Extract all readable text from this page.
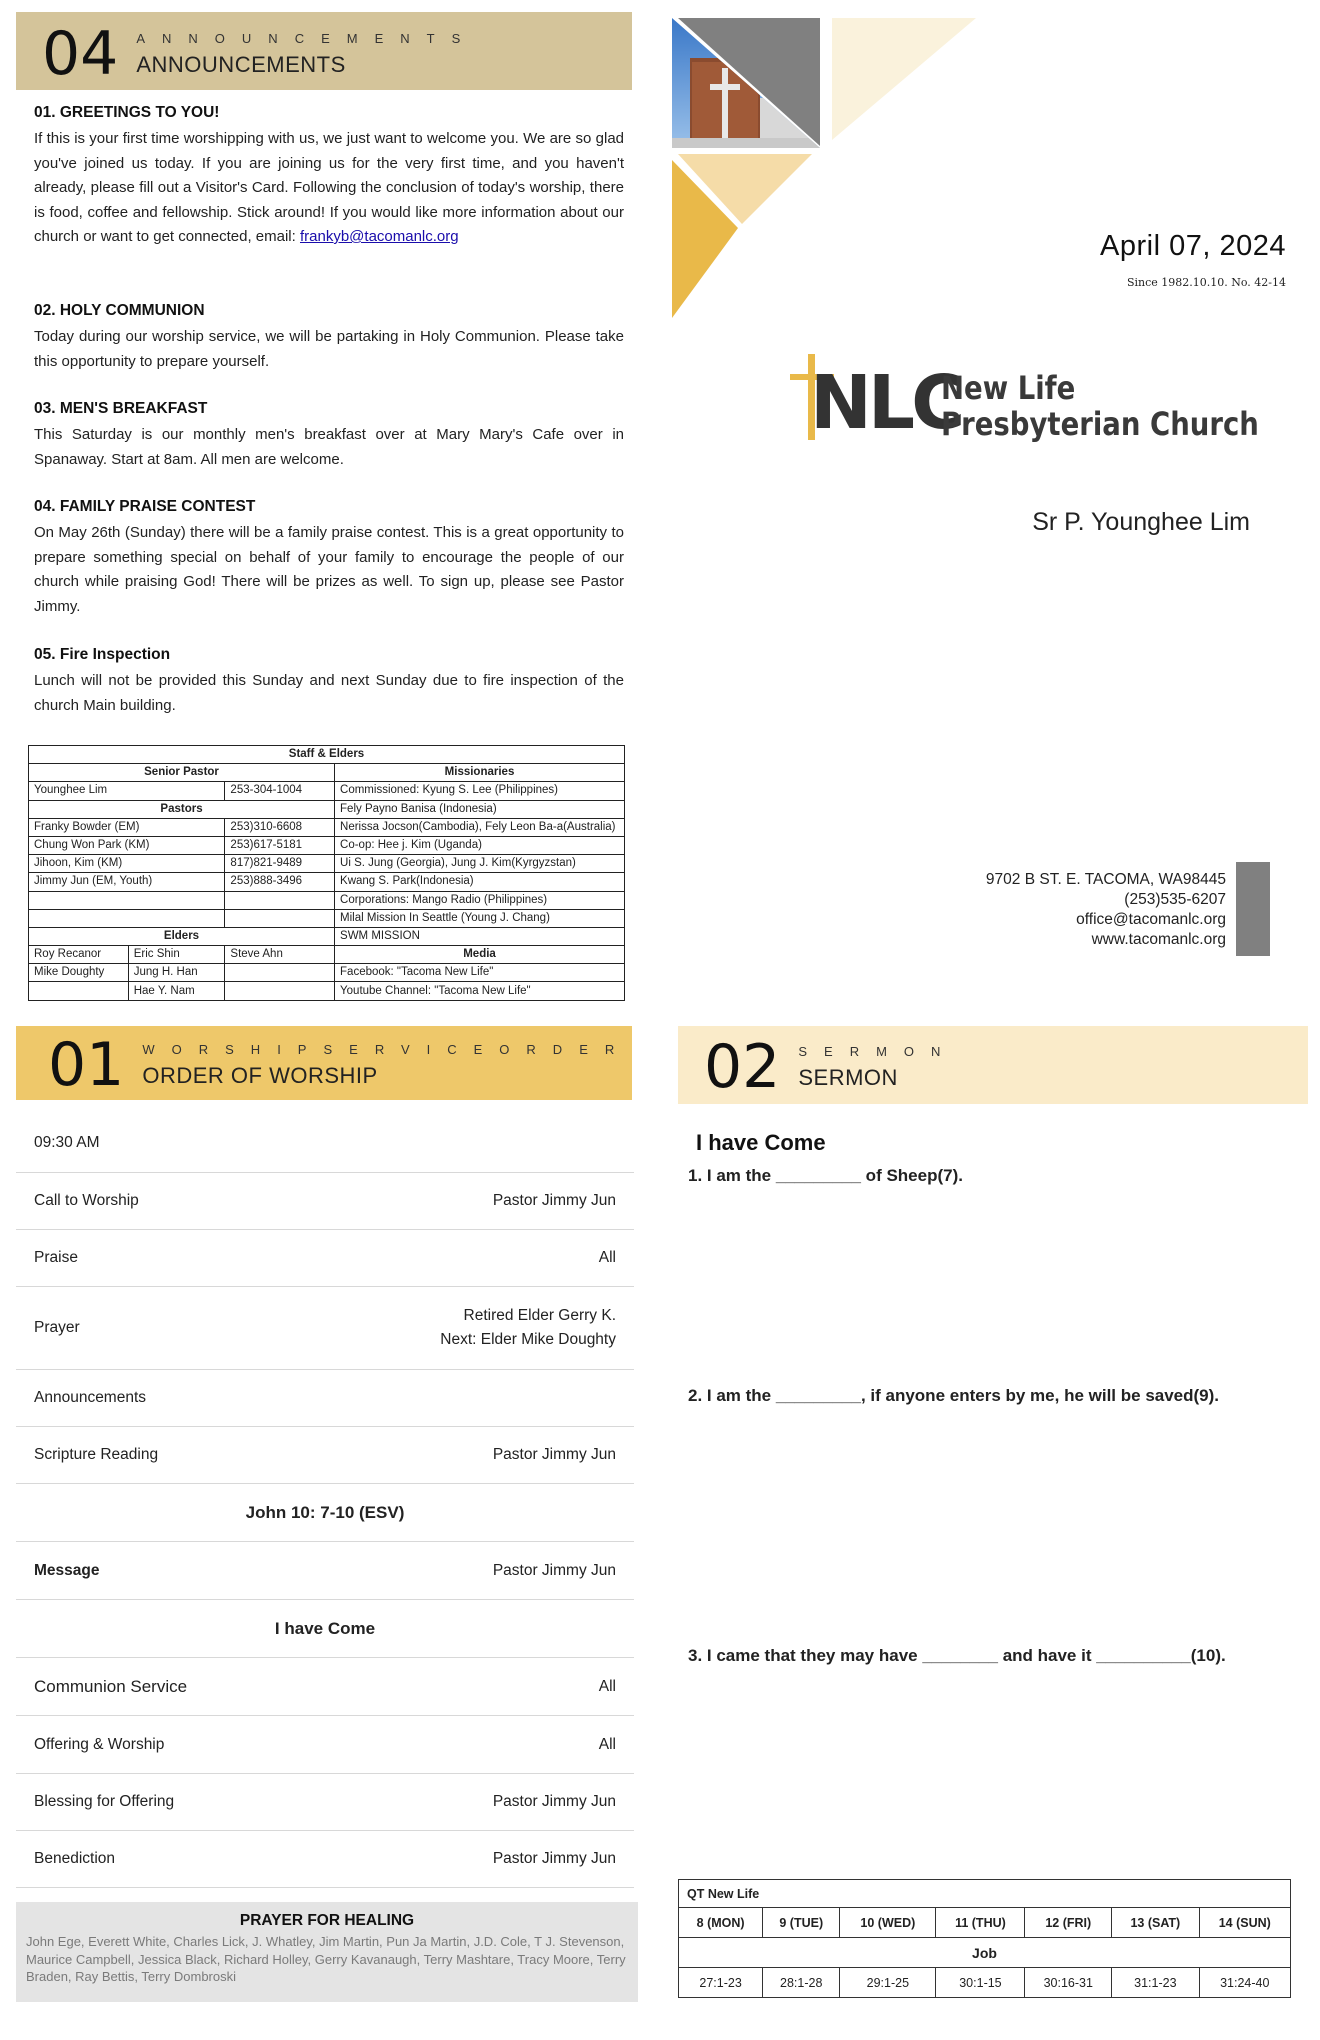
04 ANNOUNCEMENTS
ANNOUNCEMENTS
01. GREETINGS TO YOU!
If this is your first time worshipping with us, we just want to welcome you. We are so glad you've joined us today. If you are joining us for the very first time, and you haven't already, please fill out a Visitor's Card. Following the conclusion of today's worship, there is food, coffee and fellowship. Stick around! If you would like more information about our church or want to get connected, email: frankyb@tacomanlc.org
02. HOLY COMMUNION
Today during our worship service, we will be partaking in Holy Communion. Please take this opportunity to prepare yourself.
03. MEN'S BREAKFAST
This Saturday is our monthly men's breakfast over at Mary Mary's Cafe over in Spanaway. Start at 8am. All men are welcome.
04. FAMILY PRAISE CONTEST
On May 26th (Sunday) there will be a family praise contest. This is a great opportunity to prepare something special on behalf of your family to encourage the people of our church while praising God! There will be prizes as well. To sign up, please see Pastor Jimmy.
05. Fire Inspection
Lunch will not be provided this Sunday and next Sunday due to fire inspection of the church Main building.
Staff & Elders			
Senior Pastor			Missionaries
Younghee Lim		253-304-1004	Commissioned: Kyung S. Lee (Philippines)
Pastors			Fely Payno Banisa (Indonesia)
Franky Bowder (EM)		253)310-6608	Nerissa Jocson(Cambodia), Fely Leon Ba-a(Australia)
Chung Won Park (KM)		253)617-5181	Co-op: Hee j. Kim (Uganda)
Jihoon, Kim (KM)		817)821-9489	Ui S. Jung (Georgia), Jung J. Kim(Kyrgyzstan)
Jimmy Jun (EM, Youth)		253)888-3496	Kwang S. Park(Indonesia)
			Corporations: Mango Radio (Philippines)
			Milal Mission In Seattle (Young J. Chang)
Elders			SWM MISSION
Roy Recanor	Eric Shin	Steve Ahn	Media
Mike Doughty	Jung H. Han		Facebook: "Tacoma New Life"
	Hae Y. Nam		Youtube Channel: "Tacoma New Life"
April 07, 2024
Since 1982.10.10. No. 42-14
NLC
New Life
Presbyterian Church
Sr P. Younghee Lim
9702 B ST. E. TACOMA, WA98445
(253)535-6207
office@tacomanlc.org
www.tacomanlc.org
01 WORSHIPSERVICEORDER
ORDER OF WORSHIP
09:30 AM
Call to Worship	Pastor Jimmy Jun
Praise	All
Prayer
Retired Elder Gerry K.
Next: Elder Mike Doughty
Announcements
Scripture Reading	Pastor Jimmy Jun
John 10: 7-10 (ESV)
Message	Pastor Jimmy Jun
I have Come
Communion Service	All
Offering & Worship	All
Blessing for Offering	Pastor Jimmy Jun
Benediction	Pastor Jimmy Jun
PRAYER FOR HEALING
John Ege, Everett White, Charles Lick, J. Whatley, Jim Martin, Pun Ja Martin, J.D. Cole, T J. Stevenson, Maurice Campbell, Jessica Black, Richard Holley, Gerry Kavanaugh, Terry Mashtare, Tracy Moore, Terry Braden, Ray Bettis, Terry Dombroski
02 SERMON
SERMON
I have Come
1. I am the _________ of Sheep(7).
2. I am the _________, if anyone enters by me, he will be saved(9).
3. I came that they may have ________ and have it __________(10).
QT New Life						
8 (MON)	9 (TUE)	10 (WED)	11 (THU)	12 (FRI)	13 (SAT)	14 (SUN)
Job						
27:1-23	28:1-28	29:1-25	30:1-15	30:16-31	31:1-23	31:24-40
